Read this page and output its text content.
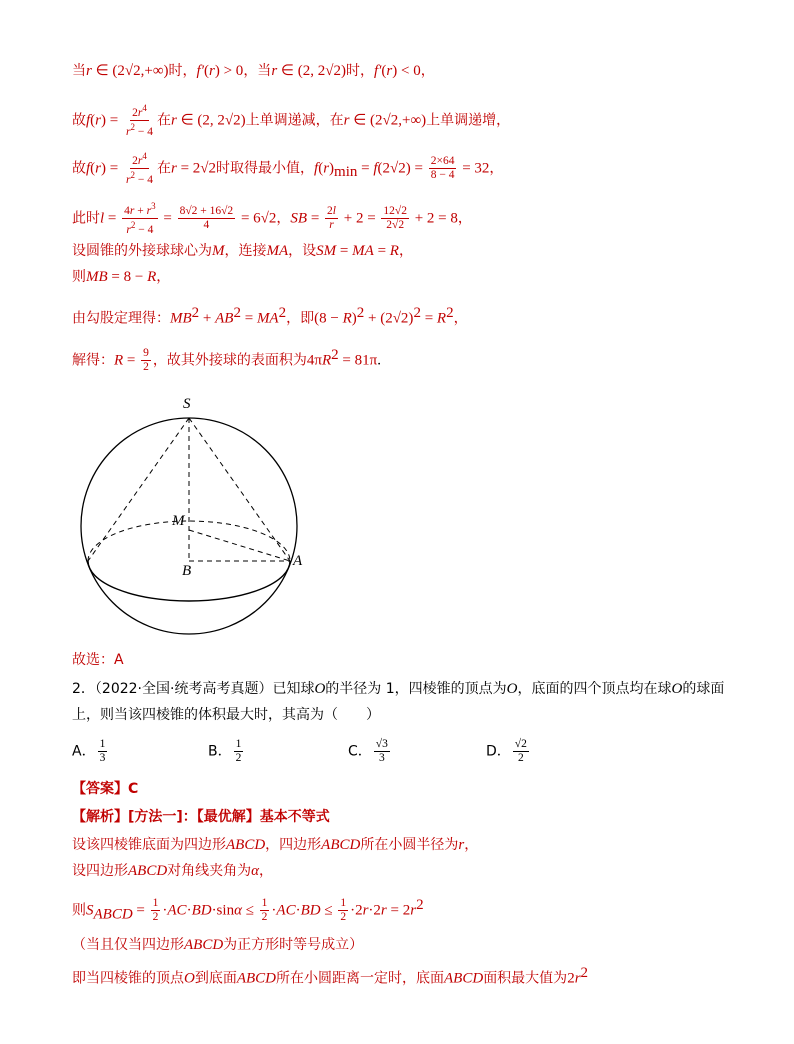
当r ∈ (2√2,+∞)时，f′(r) > 0，当r ∈ (2, 2√2)时，f′(r) < 0，
故$f(r) = \frac{2r^4}{r^2 - 4}$ 在r ∈ (2, 2√2)上单调递减，在r ∈ (2√2,+∞)上单调递增，
故$f(r) = \frac{2r^4}{r^2 - 4}$ 在r = 2√2时取得最小值，$f(r)_{min} = f(2√2) = \frac{2\times 64}{8 - 4} = 32$，
此时$l = \frac{4r + r^3}{r^2 - 4} = \frac{8√2 + 16√2}{4} = 6√2$，SB = $\frac{2l}{r} + 2 = \frac{12√2}{2√2} + 2 = 8$，
设圆锥的外接球球心为M，连接MA，设SM = MA = R，
则MB = 8 − R，
由勾股定理得：$MB^2 + AB^2 = MA^2$，即$(8 - R)^2 + (2√2)^2 = R^2$，
解得：$R = \frac{9}{2}$ ，故其外接球的表面积为$4\pi R^2 = 81\pi$.
S
M
B
A
故选：A
2．（2022·全国·统考高考真题）已知球O的半径为 1，四棱锥的顶点为O，底面的四个顶点均在球O的球面
上，则当该四棱锥的体积最大时，其高为（　　）
A． $\frac{1}{3}$	B． $\frac{1}{2}$	C． $\frac{√3}{3}$	D． $\frac{√2}{2}$
【答案】C
【解析】[方法一]：【最优解】基本不等式
设该四棱锥底面为四边形ABCD，四边形ABCD所在小圆半径为r，
设四边形ABCD对角线夹角为α，
则$S_{ABCD} = \frac{1}{2} \cdot AC\cdot BD\cdot\sin\alpha \le \frac{1}{2} \cdot AC\cdot BD \le \frac{1}{2} \cdot 2r\cdot 2r = 2r^2$
（当且仅当四边形ABCD为正方形时等号成立）
即当四棱锥的顶点O到底面ABCD所在小圆距离一定时，底面ABCD面积最大值为$2r^2$
